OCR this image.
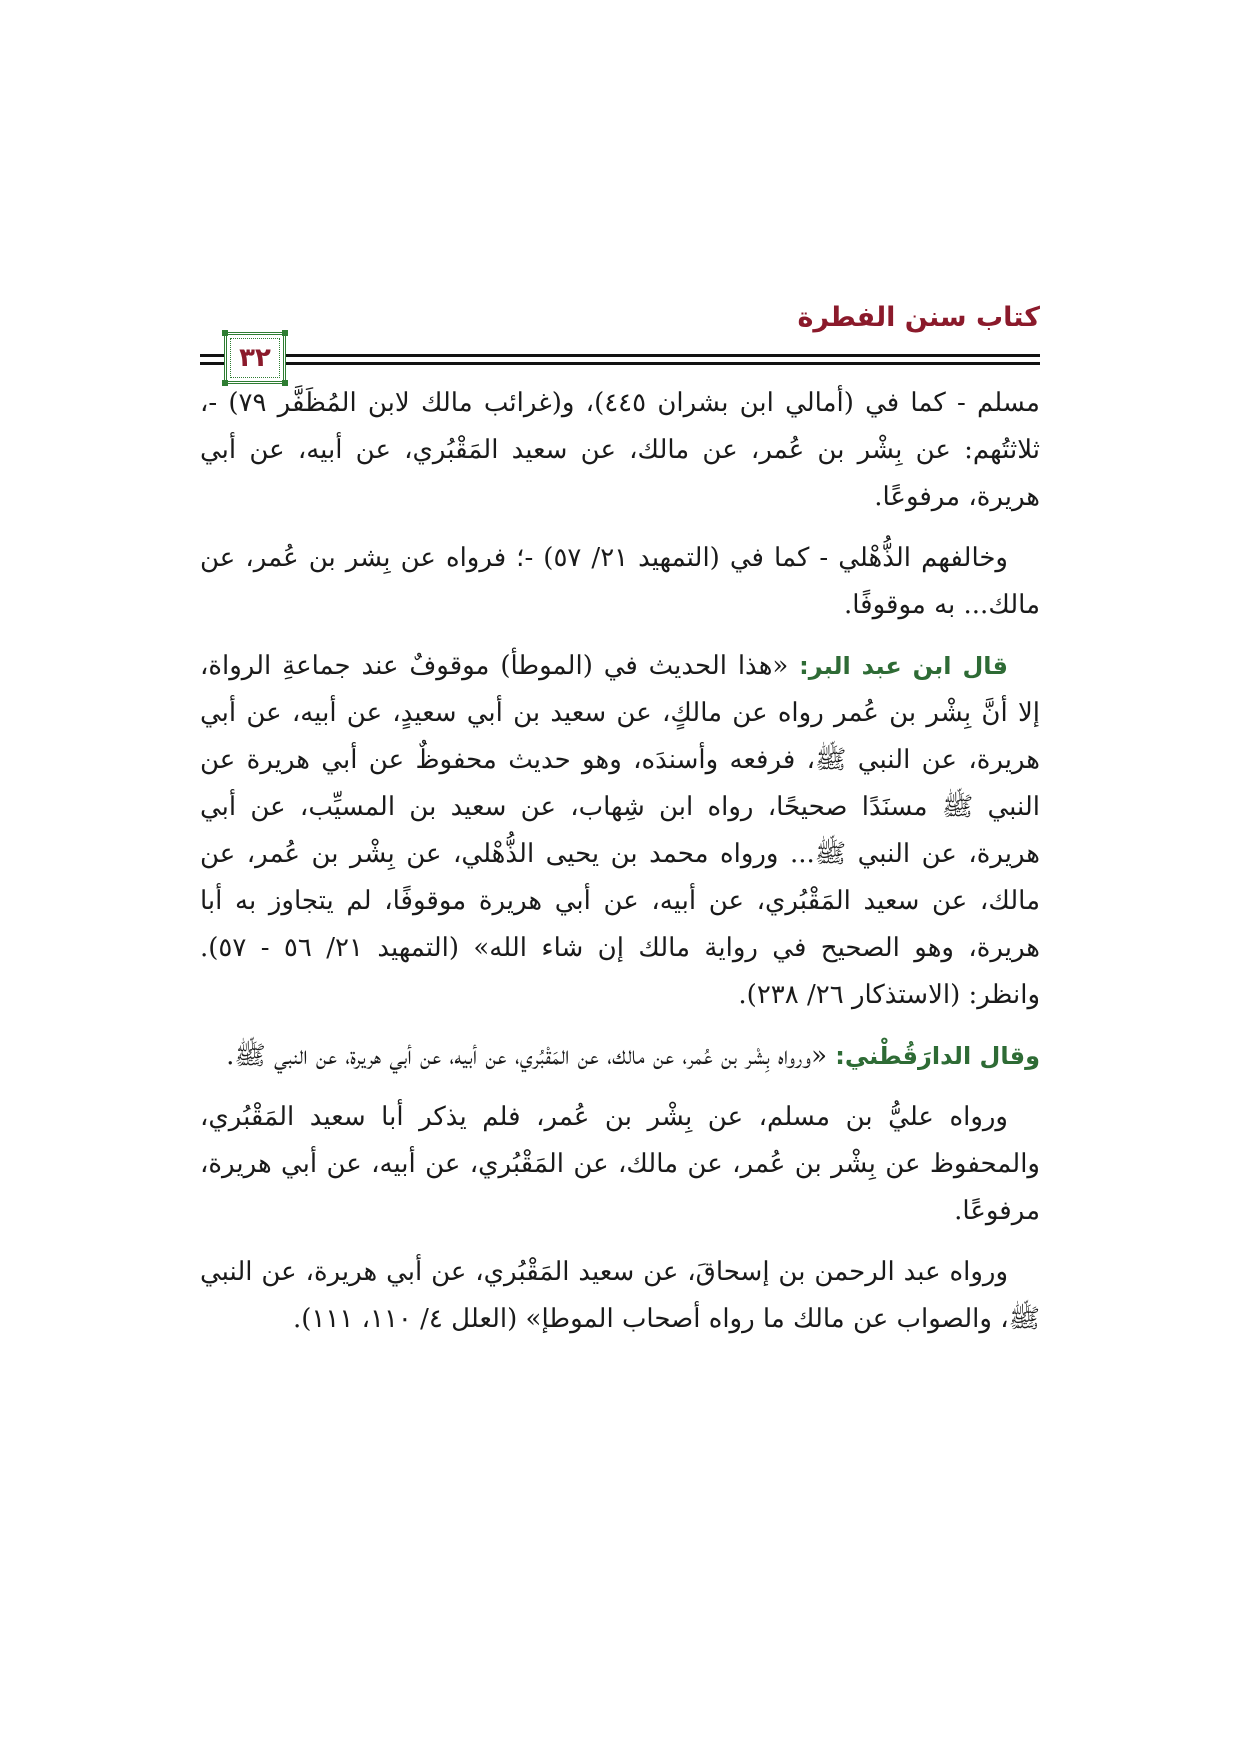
كتاب سنن الفطرة
٣٢

مسلم - كما في (أمالي ابن بشران ٤٤٥)، و(غرائب مالك لابن المُظَفَّر ٧٩) -، ثلاثتُهم: عن بِشْر بن عُمر، عن مالك، عن سعيد المَقْبُري، عن أبيه، عن أبي هريرة، مرفوعًا.

وخالفهم الذُّهْلي - كما في (التمهيد ٢١/ ٥٧) -؛ فرواه عن بِشر بن عُمر، عن مالك... به موقوفًا.

قال ابن عبد البر: «هذا الحديث في (الموطأ) موقوفٌ عند جماعةِ الرواة، إلا أنَّ بِشْر بن عُمر رواه عن مالكٍ، عن سعيد بن أبي سعيدٍ، عن أبيه، عن أبي هريرة، عن النبي ﷺ، فرفعه وأسندَه، وهو حديث محفوظٌ عن أبي هريرة عن النبي ﷺ مسنَدًا صحيحًا، رواه ابن شِهاب، عن سعيد بن المسيِّب، عن أبي هريرة، عن النبي ﷺ... ورواه محمد بن يحيى الذُّهْلي، عن بِشْر بن عُمر، عن مالك، عن سعيد المَقْبُري، عن أبيه، عن أبي هريرة موقوفًا، لم يتجاوز به أبا هريرة، وهو الصحيح في رواية مالك إن شاء الله» (التمهيد ٢١/ ٥٦ - ٥٧). وانظر: (الاستذكار ٢٦/ ٢٣٨).

وقال الدارَقُطْني: «ورواه بِشْر بن عُمر، عن مالك، عن المَقْبُري، عن أبيه، عن أبي هريرة، عن النبي ﷺ.

ورواه عليُّ بن مسلم، عن بِشْر بن عُمر، فلم يذكر أبا سعيد المَقْبُري، والمحفوظ عن بِشْر بن عُمر، عن مالك، عن المَقْبُري، عن أبيه، عن أبي هريرة، مرفوعًا.

ورواه عبد الرحمن بن إسحاقَ، عن سعيد المَقْبُري، عن أبي هريرة، عن النبي ﷺ، والصواب عن مالك ما رواه أصحاب الموطإ» (العلل ٤/ ١١٠، ١١١).
